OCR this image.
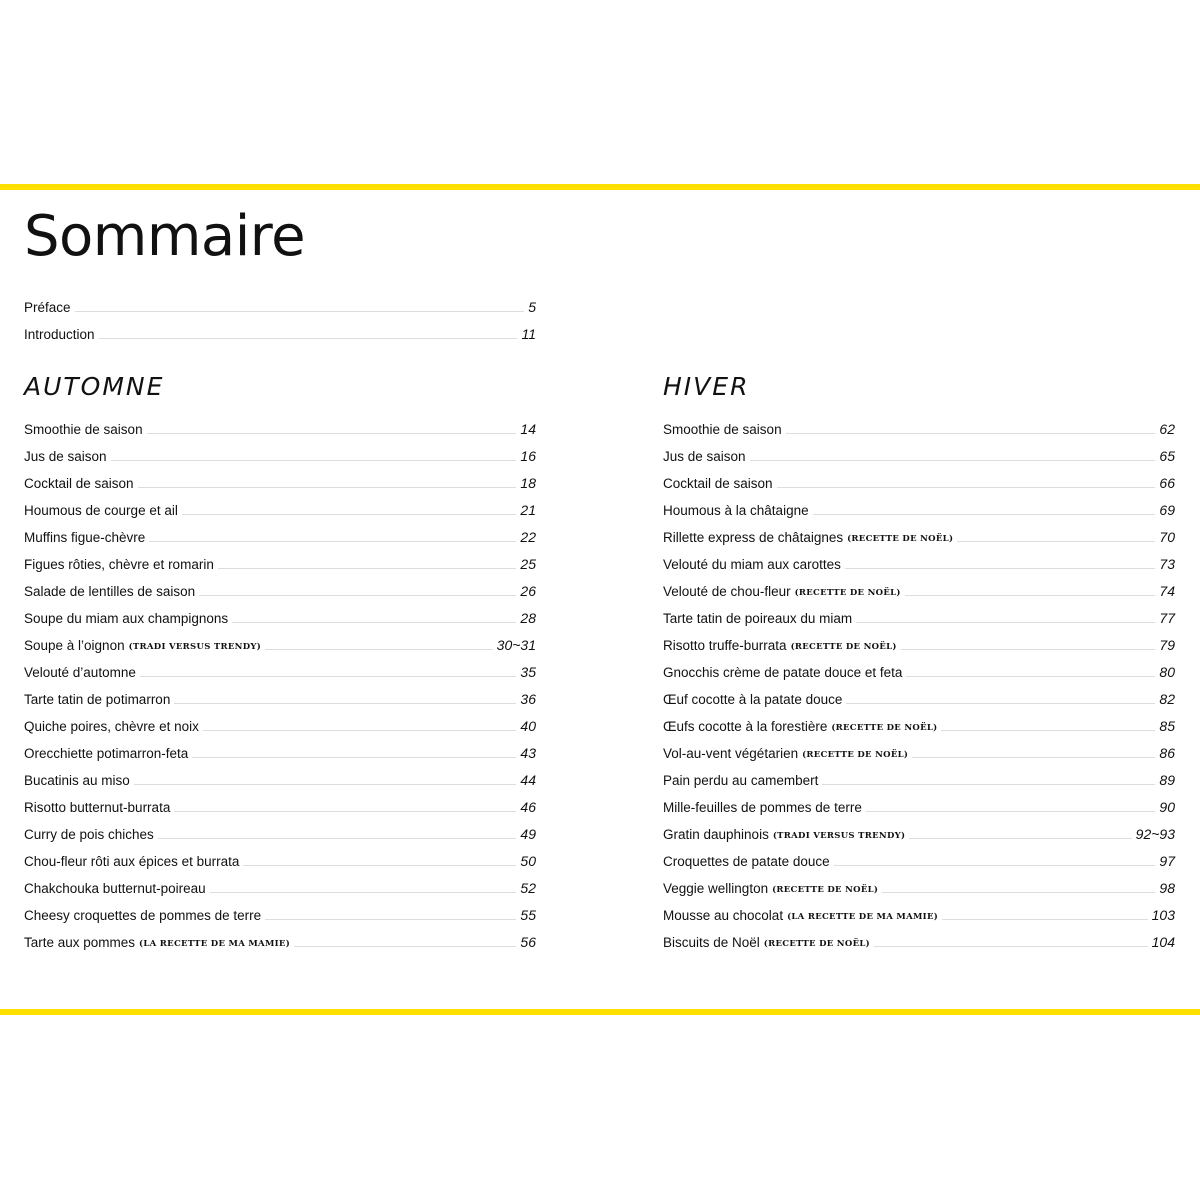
Sommaire
Préface	5
Introduction	11
AUTOMNE
Smoothie de saison	14
Jus de saison	16
Cocktail de saison	18
Houmous de courge et ail	21
Muffins figue-chèvre	22
Figues rôties, chèvre et romarin	25
Salade de lentilles de saison	26
Soupe du miam aux champignons	28
Soupe à l’oignon (TRADI VERSUS TRENDY)	30~31
Velouté d’automne	35
Tarte tatin de potimarron	36
Quiche poires, chèvre et noix	40
Orecchiette potimarron-feta	43
Bucatinis au miso	44
Risotto butternut-burrata	46
Curry de pois chiches	49
Chou-fleur rôti aux épices et burrata	50
Chakchouka butternut-poireau	52
Cheesy croquettes de pommes de terre	55
Tarte aux pommes (LA RECETTE DE MA MAMIE)	56
HIVER
Smoothie de saison	62
Jus de saison	65
Cocktail de saison	66
Houmous à la châtaigne	69
Rillette express de châtaignes (RECETTE DE NOËL)	70
Velouté du miam aux carottes	73
Velouté de chou-fleur (RECETTE DE NOËL)	74
Tarte tatin de poireaux du miam	77
Risotto truffe-burrata (RECETTE DE NOËL)	79
Gnocchis crème de patate douce et feta	80
Œuf cocotte à la patate douce	82
Œufs cocotte à la forestière (RECETTE DE NOËL)	85
Vol-au-vent végétarien (RECETTE DE NOËL)	86
Pain perdu au camembert	89
Mille-feuilles de pommes de terre	90
Gratin dauphinois (TRADI VERSUS TRENDY)	92~93
Croquettes de patate douce	97
Veggie wellington (RECETTE DE NOËL)	98
Mousse au chocolat (LA RECETTE DE MA MAMIE)	103
Biscuits de Noël (RECETTE DE NOËL)	104
